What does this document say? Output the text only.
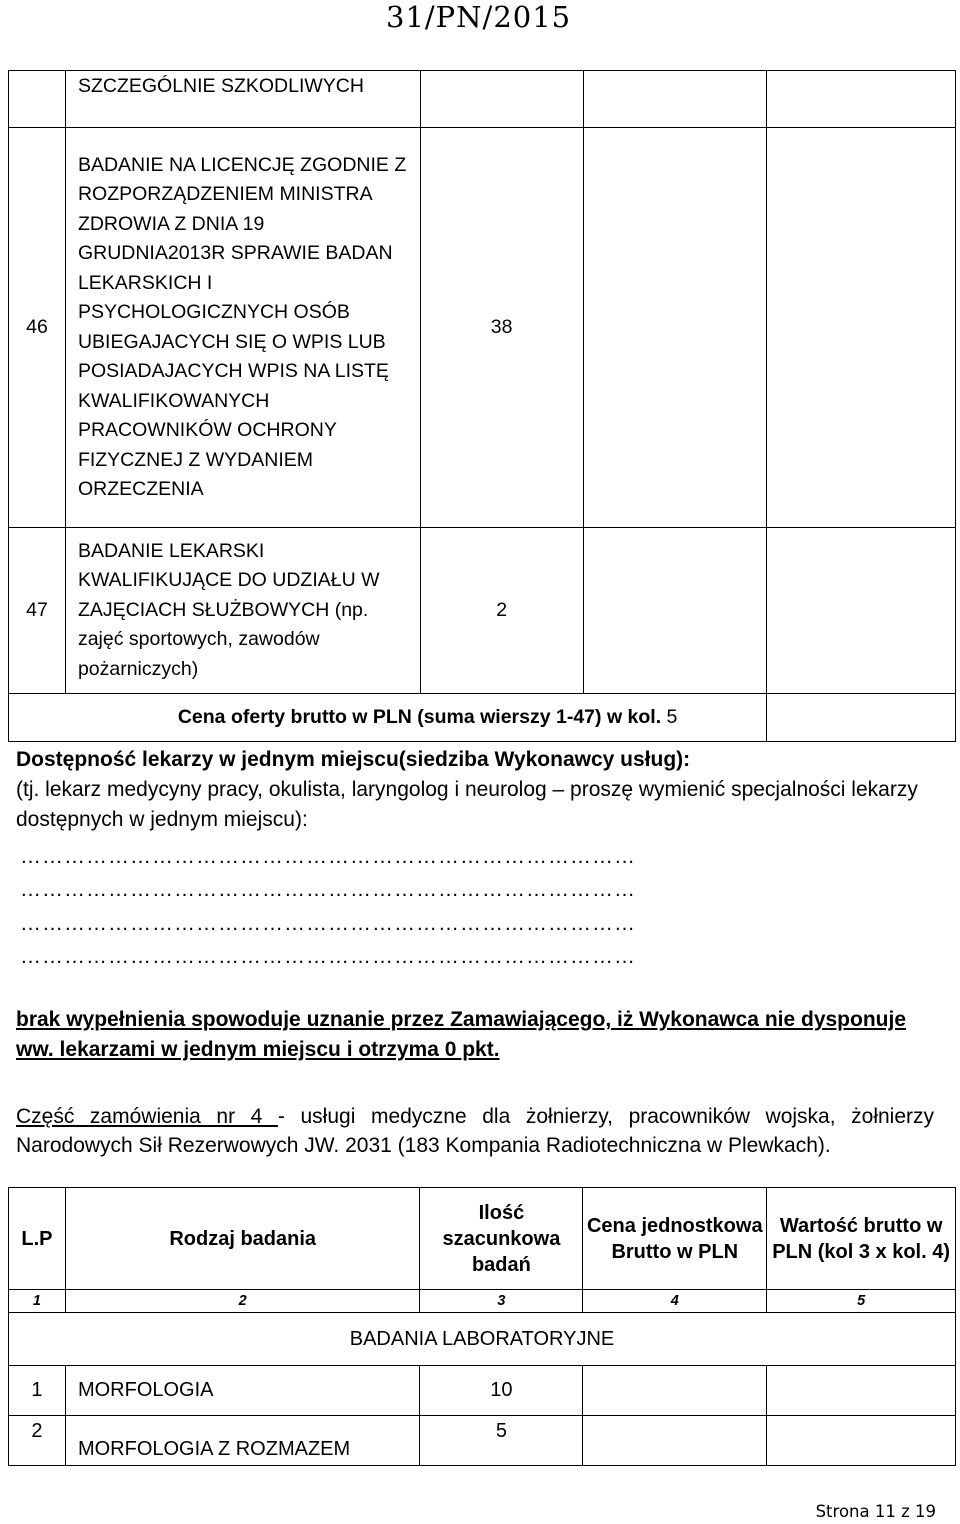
31/PN/2015
	SZCZEGÓLNIE SZKODLIWYCH			
46	BADANIE NA LICENCJĘ ZGODNIE Z ROZPORZĄDZENIEM MINISTRA ZDROWIA Z DNIA 19 GRUDNIA2013R SPRAWIE BADAN LEKARSKICH I PSYCHOLOGICZNYCH OSÓB UBIEGAJACYCH SIĘ O WPIS LUB POSIADAJACYCH WPIS NA LISTĘ KWALIFIKOWANYCH PRACOWNIKÓW OCHRONY FIZYCZNEJ Z WYDANIEM ORZECZENIA	38		
47	BADANIE LEKARSKI KWALIFIKUJĄCE DO UDZIAŁU W ZAJĘCIACH SŁUŻBOWYCH (np. zajęć sportowych, zawodów pożarniczych)	2		
Cena oferty brutto w PLN (suma wierszy 1-47) w kol. 5				
Dostępność lekarzy w jednym miejscu(siedziba Wykonawcy usług):
(tj. lekarz medycyny pracy, okulista, laryngolog i neurolog – proszę wymienić specjalności lekarzy dostępnych w jednym miejscu):
…………………………………………………………………………
…………………………………………………………………………
…………………………………………………………………………
…………………………………………………………………………
brak wypełnienia spowoduje uznanie przez Zamawiającego, iż Wykonawca nie dysponuje ww. lekarzami w jednym miejscu i otrzyma 0 pkt.
Część zamówienia nr 4 - usługi medyczne dla żołnierzy, pracowników wojska, żołnierzy Narodowych Sił Rezerwowych JW. 2031 (183 Kompania Radiotechniczna w Plewkach).
L.P	Rodzaj badania	Ilość szacunkowa badań	Cena jednostkowa Brutto w PLN	Wartość brutto w PLN (kol 3 x kol. 4)
1	2	3	4	5
BADANIA LABORATORYJNE				
1	MORFOLOGIA	10		
2	MORFOLOGIA Z ROZMAZEM	5		
Strona 11 z 19
